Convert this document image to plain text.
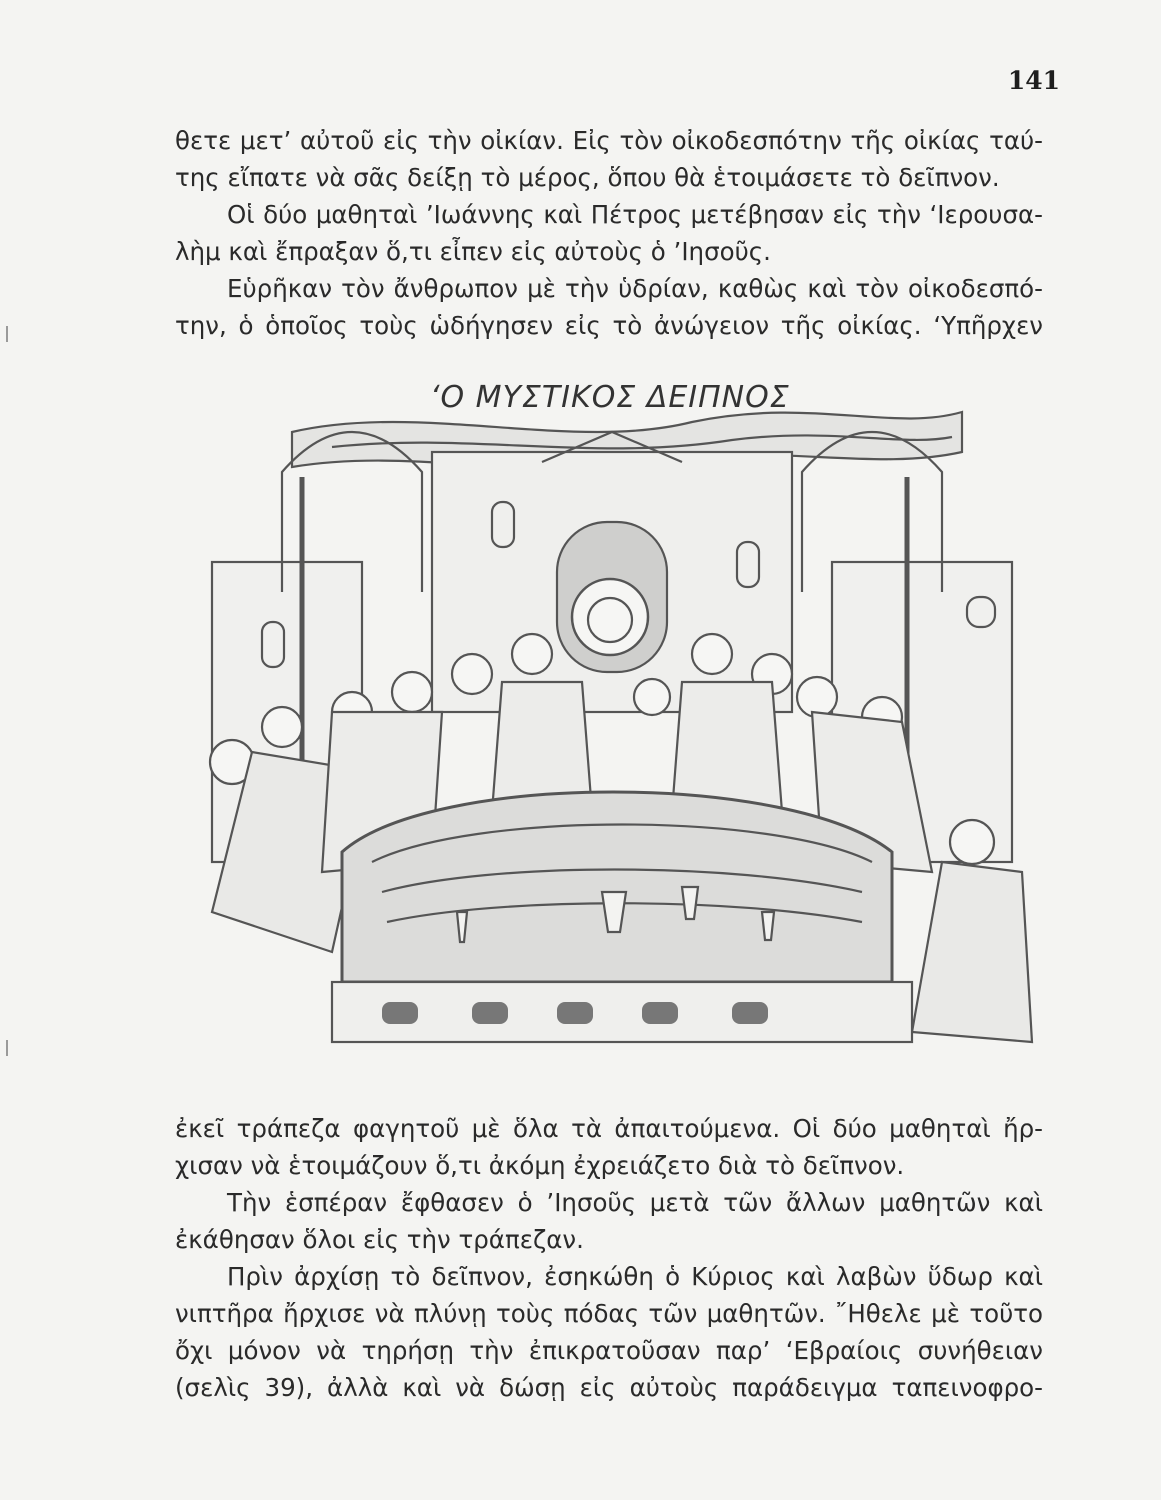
141
θετε μετ’ αὐτοῦ εἰς τὴν οἰκίαν. Εἰς τὸν οἰκοδεσπότην τῆς οἰκίας ταύ-
της εἴπατε νὰ σᾶς δείξῃ τὸ μέρος, ὅπου θὰ ἑτοιμάσετε τὸ δεῖπνον.
Οἱ δύο μαθηταὶ ’Ιωάννης καὶ Πέτρος μετέβησαν εἰς τὴν ‘Ιερουσα-
λὴμ καὶ ἔπραξαν ὅ,τι εἶπεν εἰς αὐτοὺς ὁ ’Ιησοῦς.
Εὑρῆκαν τὸν ἄνθρωπον μὲ τὴν ὑδρίαν, καθὼς καὶ τὸν οἰκοδεσπό-
την, ὁ ὁποῖος τοὺς ὡδήγησεν εἰς τὸ ἀνώγειον τῆς οἰκίας. ‘Υπῆρχεν
‘Ο ΜΥΣΤΙΚΟΣ ΔΕΙΠΝΟΣ
ἐκεῖ τράπεζα φαγητοῦ μὲ ὅλα τὰ ἀπαιτούμενα. Οἱ δύο μαθηταὶ ἤρ-
χισαν νὰ ἑτοιμάζουν ὅ,τι ἀκόμη ἐχρειάζετο διὰ τὸ δεῖπνον.
Τὴν ἑσπέραν ἔφθασεν ὁ ’Ιησοῦς μετὰ τῶν ἄλλων μαθητῶν καὶ
ἐκάθησαν ὅλοι εἰς τὴν τράπεζαν.
Πρὶν ἀρχίσῃ τὸ δεῖπνον, ἐσηκώθη ὁ Κύριος καὶ λαβὼν ὕδωρ καὶ
νιπτῆρα ἤρχισε νὰ πλύνῃ τοὺς πόδας τῶν μαθητῶν. ῎Ηθελε μὲ τοῦτο
ὄχι μόνον νὰ τηρήσῃ τὴν ἐπικρατοῦσαν παρ’ ‘Εβραίοις συνήθειαν
(σελὶς 39), ἀλλὰ καὶ νὰ δώσῃ εἰς αὐτοὺς παράδειγμα ταπεινοφρο-
